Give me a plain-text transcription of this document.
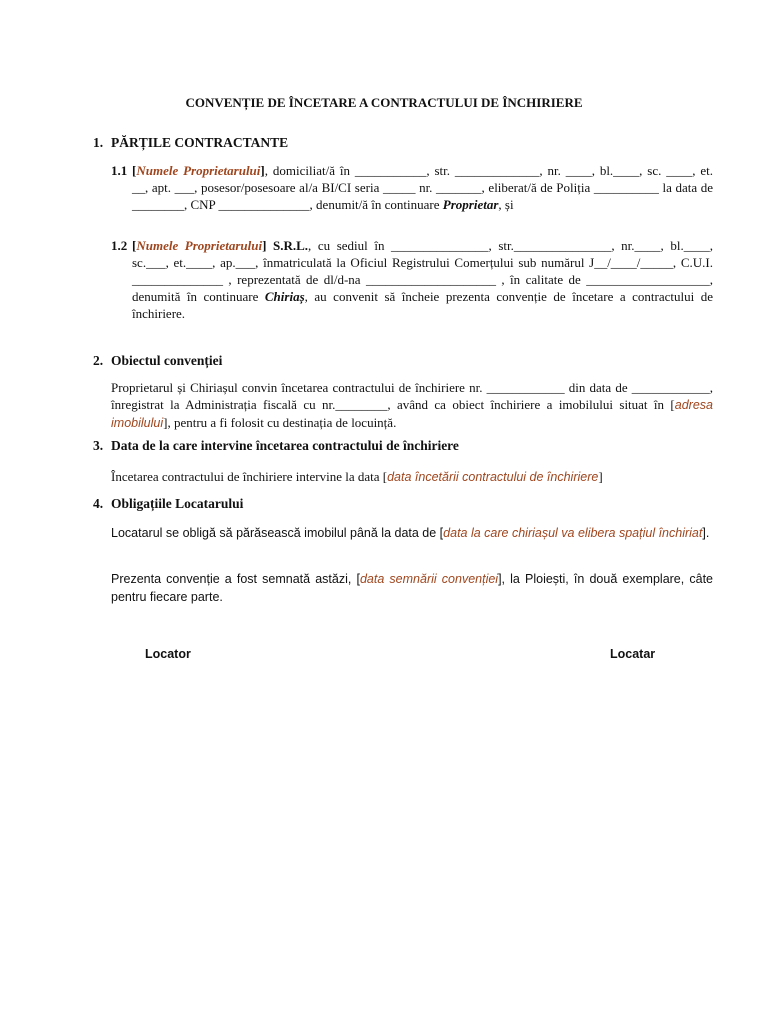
CONVENȚIE DE ÎNCETARE A CONTRACTULUI DE ÎNCHIRIERE
1. PĂRȚILE CONTRACTANTE
1.1 [Numele Proprietarului], domiciliat/ă în ___________, str. _____________, nr. ____, bl.____, sc. ____, et. __, apt. ___, posesor/posesoare al/a BI/CI seria _____ nr. _______, eliberat/ă de Poliția __________ la data de ________, CNP ______________, denumit/ă în continuare Proprietar, și
1.2 [Numele Proprietarului] S.R.L., cu sediul în _______________, str._______________, nr.____, bl.____, sc.___, et.____, ap.___, înmatriculată la Oficiul Registrului Comerțului sub numărul J__/____/_____, C.U.I. ______________ , reprezentată de dl/d-na ____________________ , în calitate de ___________________, denumită în continuare Chiriaș, au convenit să încheie prezenta convenție de încetare a contractului de închiriere.
2. Obiectul convenției
Proprietarul și Chiriașul convin încetarea contractului de închiriere nr. ____________ din data de ____________, înregistrat la Administrația fiscală cu nr.________, având ca obiect închiriere a imobilului situat în [adresa imobilului], pentru a fi folosit cu destinația de locuință.
3. Data de la care intervine încetarea contractului de închiriere
Încetarea contractului de închiriere intervine la data [data încetării contractului de închiriere]
4. Obligațiile Locatarului
Locatarul se obligă să părăsească imobilul până la data de [data la care chiriașul va elibera spațiul închiriat].
Prezenta convenție a fost semnată astăzi, [data semnării convenției], la Ploiești, în două exemplare, câte pentru fiecare parte.
Locator	Locatar
